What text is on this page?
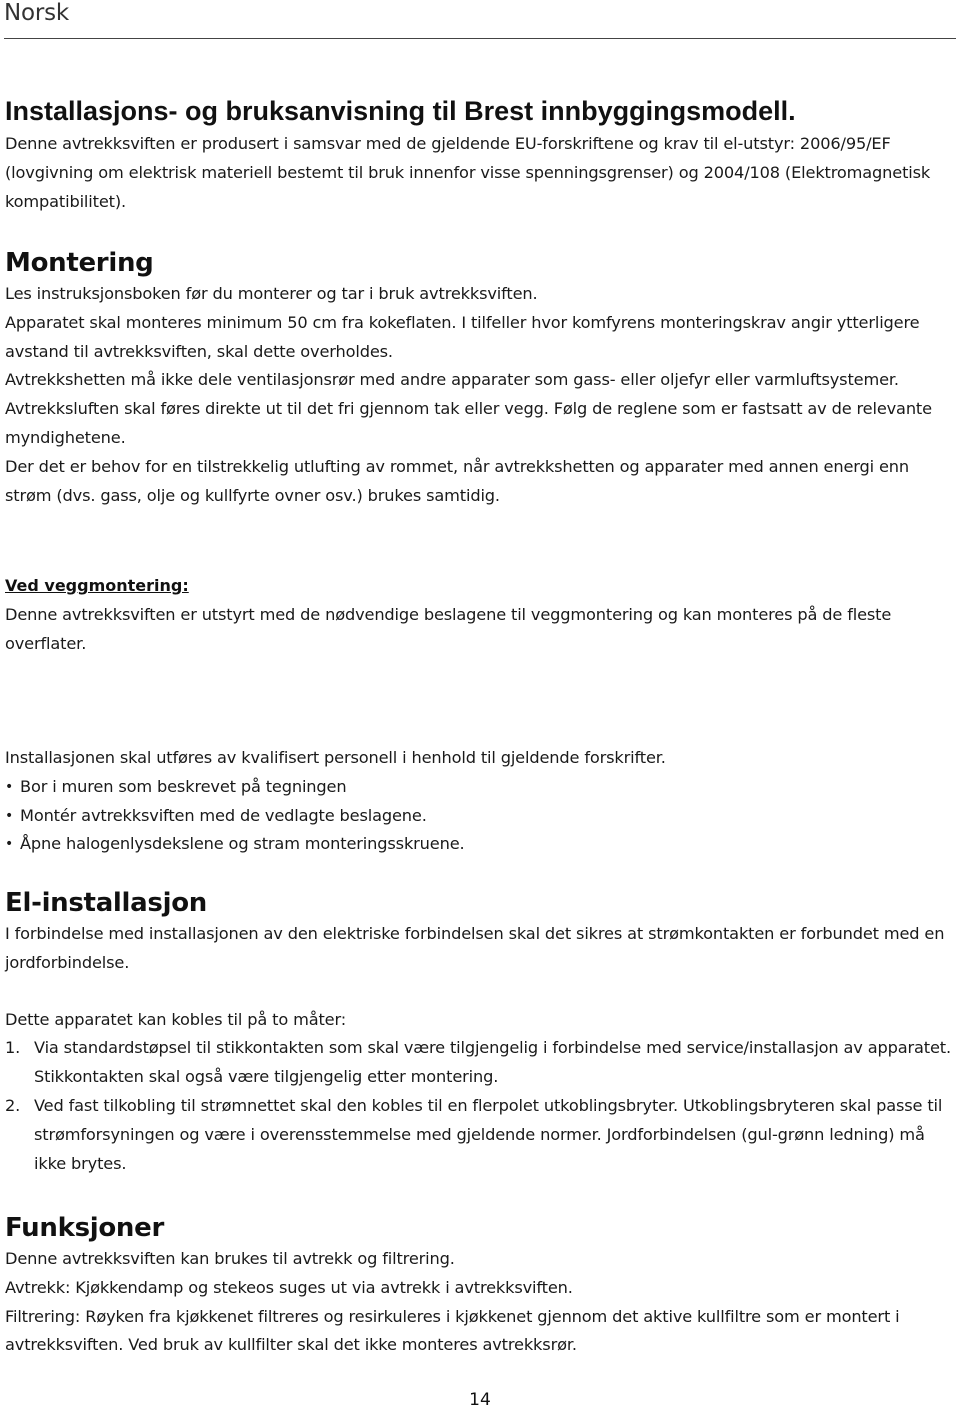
Norsk
Installasjons- og bruksanvisning til Brest innbyggingsmodell.

Denne avtrekksviften er produsert i samsvar med de gjeldende EU-forskriftene og krav til el-utstyr: 2006/95/EF (lovgivning om elektrisk materiell bestemt til bruk innenfor visse spenningsgrenser) og 2004/108 (Elektromagnetisk kompatibilitet).

Montering

Les instruksjonsboken før du monterer og tar i bruk avtrekksviften.

Apparatet skal monteres minimum 50 cm fra kokeflaten. I tilfeller hvor komfyrens monteringskrav angir ytterligere avstand til avtrekksviften, skal dette overholdes.

Avtrekkshetten må ikke dele ventilasjonsrør med andre apparater som gass- eller oljefyr eller varmluftsystemer.

Avtrekksluften skal føres direkte ut til det fri gjennom tak eller vegg. Følg de reglene som er fastsatt av de relevante myndighetene.

Der det er behov for en tilstrekkelig utlufting av rommet, når avtrekkshetten og apparater med annen energi enn strøm (dvs. gass, olje og kullfyrte ovner osv.) brukes samtidig.

Ved veggmontering:

Denne avtrekksviften er utstyrt med de nødvendige beslagene til veggmontering og kan monteres på de fleste overflater.

Installasjonen skal utføres av kvalifisert personell i henhold til gjeldende forskrifter.

• Bor i muren som beskrevet på tegningen
• Montér avtrekksviften med de vedlagte beslagene.
• Åpne halogenlysdekslene og stram monteringsskruene.
El-installasjon

I forbindelse med installasjonen av den elektriske forbindelsen skal det sikres at strømkontakten er forbundet med en jordforbindelse.

Dette apparatet kan kobles til på to måter:

1. Via standardstøpsel til stikkontakten som skal være tilgjengelig i forbindelse med service/installasjon av apparatet. Stikkontakten skal også være tilgjengelig etter montering.
2. Ved fast tilkobling til strømnettet skal den kobles til en flerpolet utkoblingsbryter. Utkoblingsbryteren skal passe til strømforsyningen og være i overensstemmelse med gjeldende normer. Jordforbindelsen (gul-grønn ledning) må ikke brytes.
Funksjoner

Denne avtrekksviften kan brukes til avtrekk og filtrering.

Avtrekk: Kjøkkendamp og stekeos suges ut via avtrekk i avtrekksviften.

Filtrering: Røyken fra kjøkkenet filtreres og resirkuleres i kjøkkenet gjennom det aktive kullfiltre som er montert i avtrekksviften. Ved bruk av kullfilter skal det ikke monteres avtrekksrør.

14
